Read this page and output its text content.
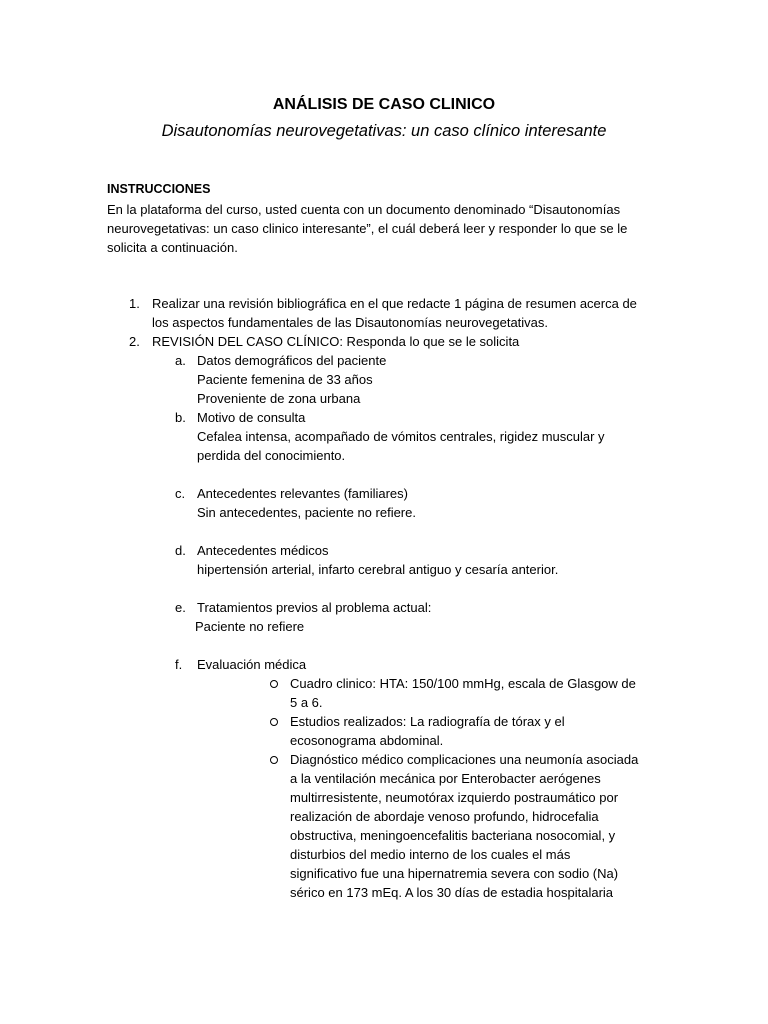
ANÁLISIS DE CASO CLINICO
Disautonomías neurovegetativas: un caso clínico interesante
INSTRUCCIONES
En la plataforma del curso, usted cuenta con un documento denominado “Disautonomías
neurovegetativas: un caso clinico interesante”, el cuál deberá leer y responder lo que se le
solicita a continuación.
1. Realizar una revisión bibliográfica en el que redacte 1 página de resumen acerca de
los aspectos fundamentales de las Disautonomías neurovegetativas.
2. REVISIÓN DEL CASO CLÍNICO: Responda lo que se le solicita
a. Datos demográficos del paciente
Paciente femenina de 33 años
Proveniente de zona urbana
b. Motivo de consulta
Cefalea intensa, acompañado de vómitos centrales, rigidez muscular y
perdida del conocimiento.
c. Antecedentes relevantes (familiares)
Sin antecedentes, paciente no refiere.
d. Antecedentes médicos
hipertensión arterial, infarto cerebral antiguo y cesaría anterior.
e. Tratamientos previos al problema actual:
Paciente no refiere
f. Evaluación médica
Cuadro clinico: HTA: 150/100 mmHg, escala de Glasgow de
5 a 6.
Estudios realizados: La radiografía de tórax y el
ecosonograma abdominal.
Diagnóstico médico complicaciones una neumonía asociada
a la ventilación mecánica por Enterobacter aerógenes
multirresistente, neumotórax izquierdo postraumático por
realización de abordaje venoso profundo, hidrocefalia
obstructiva, meningoencefalitis bacteriana nosocomial, y
disturbios del medio interno de los cuales el más
significativo fue una hipernatremia severa con sodio (Na)
sérico en 173 mEq. A los 30 días de estadia hospitalaria
